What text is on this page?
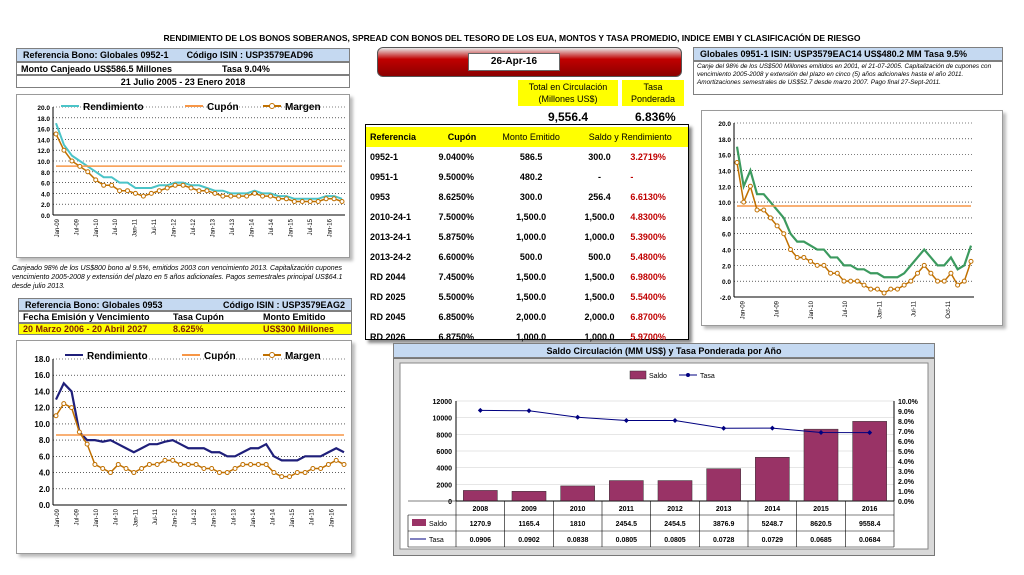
RENDIMIENTO DE LOS BONOS SOBERANOS, SPREAD CON BONOS DEL TESORO DE LOS EUA, MONTOS Y TASA PROMEDIO, INDICE EMBI Y CLASIFICACIÓN DE RIESGO
26-Apr-16
Referencia Bono: Globales 0952-1 Código ISIN : USP3579EAD96
Monto Canjeado US$586.5 Millones	Tasa 9.04%
21 Julio 2005 - 23 Enero 2018
0.0
2.0
4.0
6.0
8.0
10.0
12.0
14.0
16.0
18.0
20.0
Jan-09 Jul-09 Jan-10 Jul-10 Jan-11 Jul-11 Jan-12 Jul-12 Jan-13 Jul-13 Jan-14 Jul-14 Jan-15 Jul-15 Jan-16
Rendimiento	Cupón	Margen
Canjeado 98% de los US$800 bono al 9.5%, emitidos 2003 con vencimiento 2013. Capitalización cupones vencimiento 2005-2008 y extensión del plazo en 5 años adicionales. Pagos semestrales principal US$64.1 desde julio 2013.
Referencia Bono: Globales 0953	Código ISIN : USP3579EAG2
Fecha Emisión y Vencimiento	Tasa Cupón	Monto Emitido
20 Marzo 2006 - 20 Abril 2027	8.625%	US$300 Millones
0.0
2.0
4.0
6.0
8.0
10.0
12.0
14.0
16.0
18.0
Jan-09 Jul-09 Jan-10 Jul-10 Jan-11 Jul-11 Jan-12 Jul-12 Jan-13 Jul-13 Jan-14 Jul-14 Jan-15 Jul-15 Jan-16
Rendimiento	Cupón	Margen
Total en Circulación (Millones US$)
Tasa Ponderada
9,556.4	6.836%
Referencia	Cupón	Monto Emitido	Saldo y Rendimiento	
0952-1	9.0400%	586.5	300.0	3.2719%
0951-1	9.5000%	480.2	-	-
0953	8.6250%	300.0	256.4	6.6130%
2010-24-1	7.5000%	1,500.0	1,500.0	4.8300%
2013-24-1	5.8750%	1,000.0	1,000.0	5.3900%
2013-24-2	6.6000%	500.0	500.0	5.4800%
RD 2044	7.4500%	1,500.0	1,500.0	6.9800%
RD 2025	5.5000%	1,500.0	1,500.0	5.5400%
RD 2045	6.8500%	2,000.0	2,000.0	6.8700%
RD 2026	6.8750%	1,000.0	1,000.0	5.9700%
Globales 0951-1 ISIN: USP3579EAC14 US$480.2 MM Tasa 9.5%
Canje del 98% de los US$500 Millones emitidos en 2001, el 21-07-2005. Capitalización de cupones con vencimiento 2005-2008 y extensión del plazo en cinco (5) años adicionales hasta el año 2011. Amortizaciones semestrales de US$52.7 desde marzo 2007. Pago final 27-Sept-2011.
-2.0
0.0
2.0
4.0
6.0
8.0
10.0
12.0
14.0
16.0
18.0
20.0
Jan-09	Jul-09	Jan-10	Jul-10	Jan-11	Jul-11	Oct-11
Saldo Circulación (MM US$) y Tasa Ponderada por Año
0
2000
4000
6000
8000
10000
12000
0.0%
1.0%
2.0%
3.0%
4.0%
5.0%
6.0%
7.0%
8.0%
9.0%
10.0%
Saldo	Tasa
2008	2009	2010	2011	2012	2013	2014	2015	2016
Saldo
Tasa
1270.9	1165.4	1810	2454.5	2454.5	3876.9	5248.7	8620.5	9558.4
0.0906	0.0902	0.0838	0.0805	0.0805	0.0728	0.0729	0.0685	0.0684
